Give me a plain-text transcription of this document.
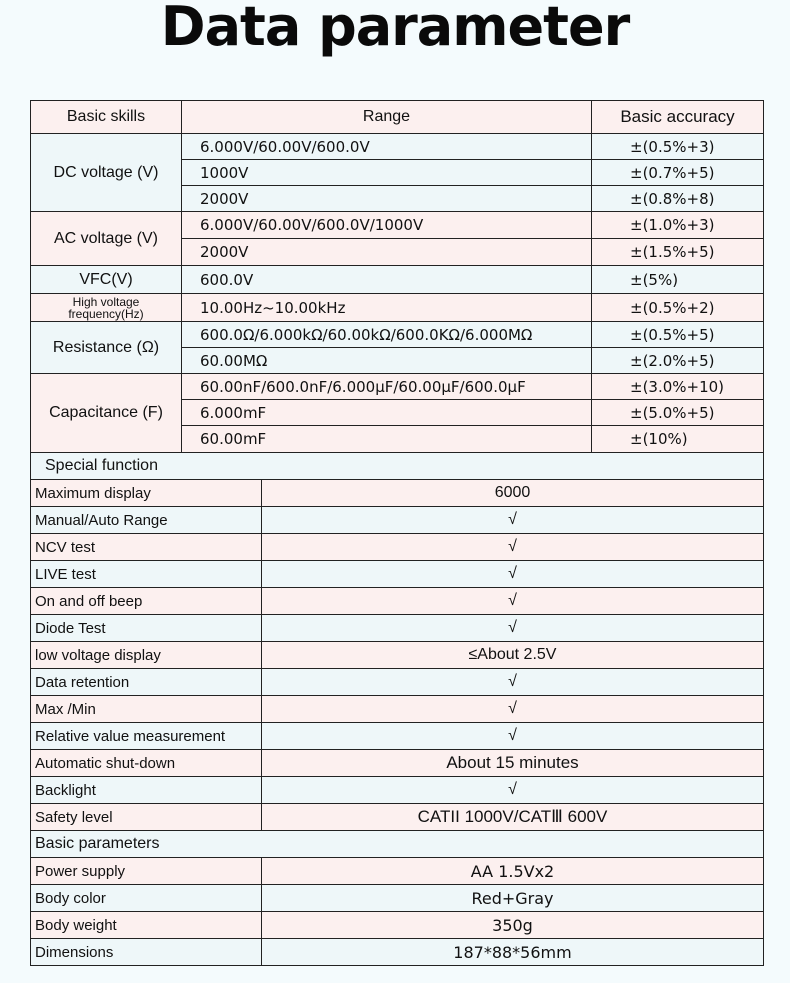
Data parameter
Basic skills	Range		Basic accuracy
DC voltage (V)	6.000V/60.00V/600.0V		±(0.5%+3)
	1000V		±(0.7%+5)
	2000V		±(0.8%+8)
AC voltage (V)	6.000V/60.00V/600.0V/1000V		±(1.0%+3)
	2000V		±(1.5%+5)
VFC(V)	600.0V		±(5%)
High voltage frequency(Hz)	10.00Hz~10.00kHz		±(0.5%+2)
Resistance (Ω)	600.0Ω/6.000kΩ/60.00kΩ/600.0KΩ/6.000MΩ		±(0.5%+5)
	60.00MΩ		±(2.0%+5)
Capacitance (F)	60.00nF/600.0nF/6.000μF/60.00μF/600.0μF		±(3.0%+10)
	6.000mF		±(5.0%+5)
	60.00mF		±(10%)
Special function			
Maximum display		6000	
Manual/Auto Range		√	
NCV test		√	
LIVE test		√	
On and off beep		√	
Diode Test		√	
low voltage display		≤About 2.5V	
Data retention		√	
Max /Min		√	
Relative value measurement		√	
Automatic shut-down		About 15 minutes	
Backlight		√	
Safety level		CATII 1000V/CATⅢ 600V	
Basic parameters			
Power supply		AA 1.5Vx2	
Body color		Red+Gray	
Body weight		350g	
Dimensions		187*88*56mm	
